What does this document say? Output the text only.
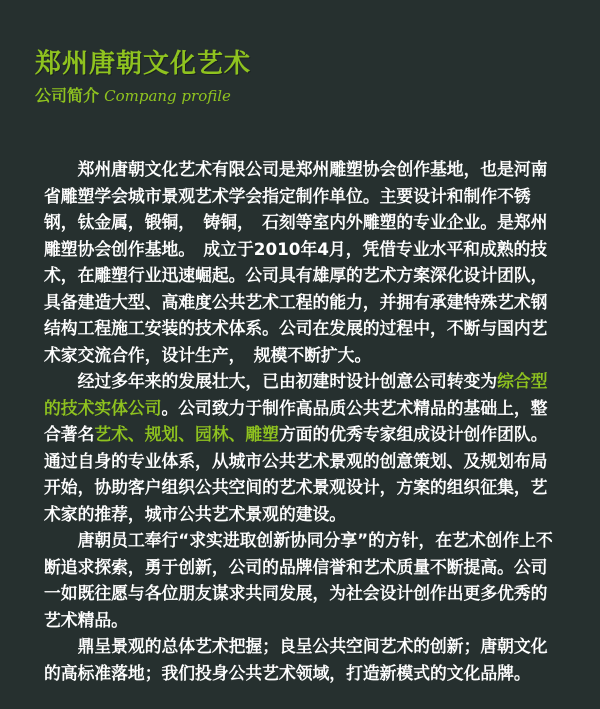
郑州唐朝文化艺术
公司简介 Compang profile

郑州唐朝文化艺术有限公司是郑州雕塑协会创作基地，也是河南省雕塑学会城市景观艺术学会指定制作单位。主要设计和制作不锈钢，钛金属，锻铜，　铸铜，　石刻等室内外雕塑的专业企业。是郑州雕塑协会创作基地。　成立于2010年4月，凭借专业水平和成熟的技术，在雕塑行业迅速崛起。公司具有雄厚的艺术方案深化设计团队，具备建造大型、高难度公共艺术工程的能力，并拥有承建特殊艺术钢结构工程施工安装的技术体系。公司在发展的过程中，不断与国内艺术家交流合作，设计生产，　规模不断扩大。

经过多年来的发展壮大，已由初建时设计创意公司转变为综合型的技术实体公司。公司致力于制作高品质公共艺术精品的基础上，整合著名艺术、规划、园林、雕塑方面的优秀专家组成设计创作团队。通过自身的专业体系，从城市公共艺术景观的创意策划、及规划布局开始，协助客户组织公共空间的艺术景观设计，方案的组织征集，艺术家的推荐，城市公共艺术景观的建设。

唐朝员工奉行“求实进取创新协同分享”的方针，在艺术创作上不断追求探索，勇于创新，公司的品牌信誉和艺术质量不断提高。公司一如既往愿与各位朋友谋求共同发展，为社会设计创作出更多优秀的艺术精品。

鼎呈景观的总体艺术把握；良呈公共空间艺术的创新；唐朝文化的高标准落地；我们投身公共艺术领域，打造新模式的文化品牌。
